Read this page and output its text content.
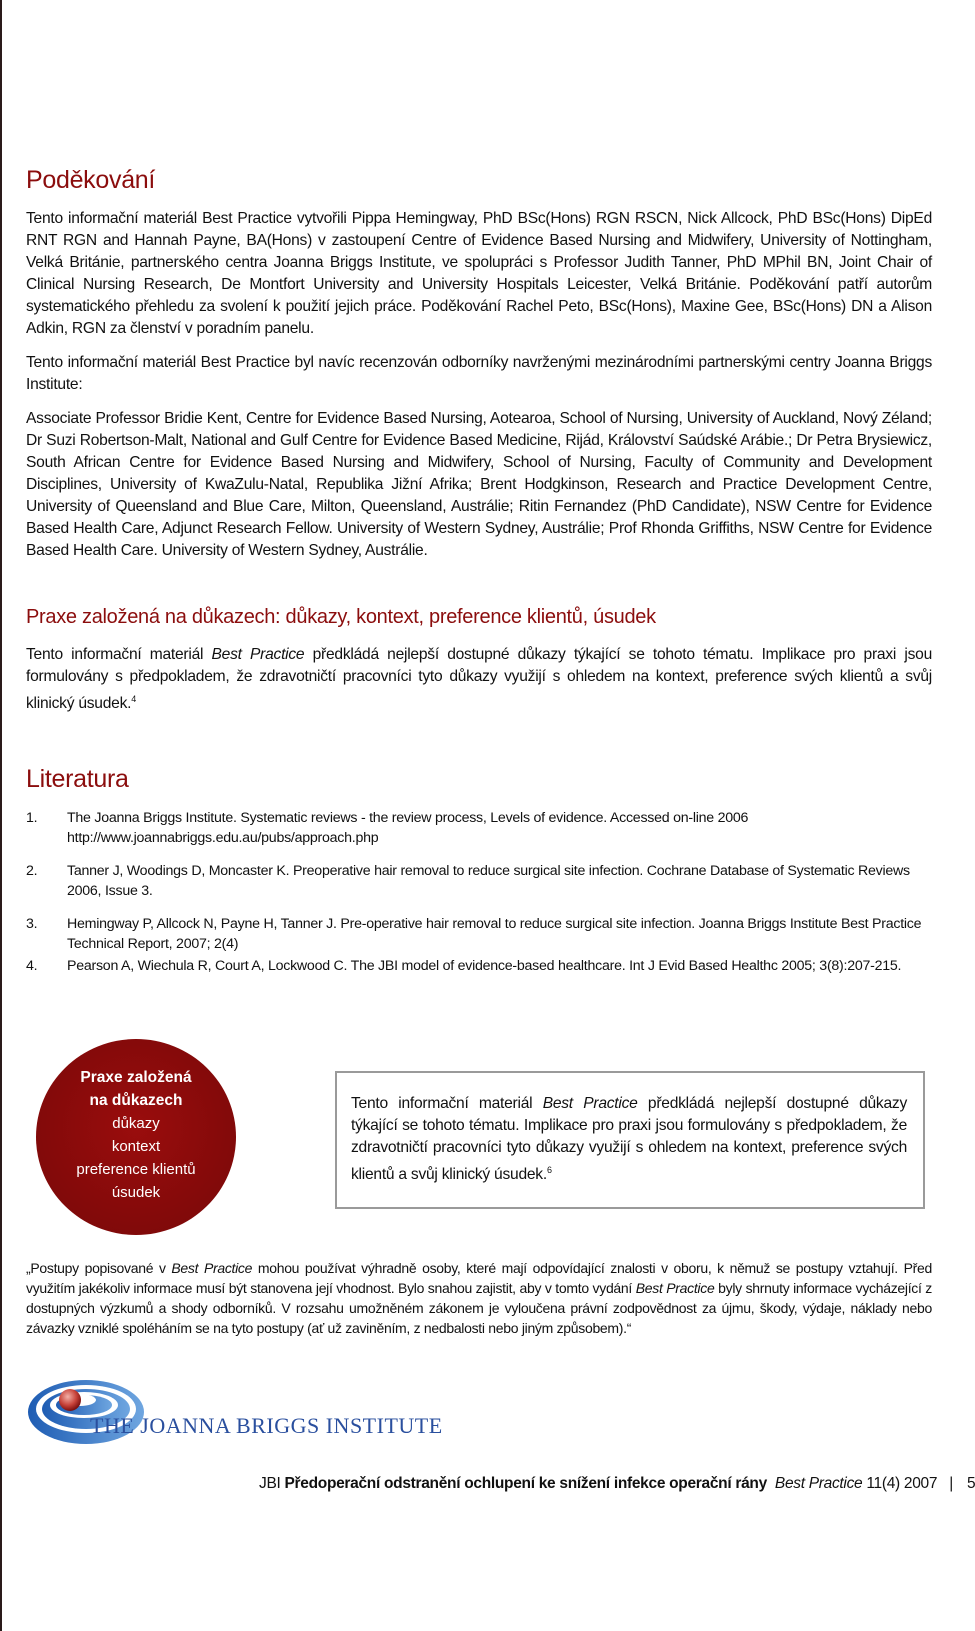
Poděkování

Tento informační materiál Best Practice vytvořili Pippa Hemingway, PhD BSc(Hons) RGN RSCN, Nick Allcock, PhD BSc(Hons) DipEd RNT RGN and Hannah Payne, BA(Hons) v zastoupení Centre of Evidence Based Nursing and Midwifery, University of Nottingham, Velká Británie, partnerského centra Joanna Briggs Institute, ve spolupráci s Professor Judith Tanner, PhD MPhil BN, Joint Chair of Clinical Nursing Research, De Montfort University and University Hospitals Leicester, Velká Británie. Poděkování patří autorům systematického přehledu za svolení k použití jejich práce. Poděkování Rachel Peto, BSc(Hons), Maxine Gee, BSc(Hons) DN a Alison Adkin, RGN za členství v poradním panelu.

Tento informační materiál Best Practice byl navíc recenzován odborníky navrženými mezinárodními partnerskými centry Joanna Briggs Institute:

Associate Professor Bridie Kent, Centre for Evidence Based Nursing, Aotearoa, School of Nursing, University of Auckland, Nový Zéland; Dr Suzi Robertson-Malt, National and Gulf Centre for Evidence Based Medicine, Rijád, Království Saúdské Arábie.; Dr Petra Brysiewicz, South African Centre for Evidence Based Nursing and Midwifery, School of Nursing, Faculty of Community and Development Disciplines, University of KwaZulu-Natal, Republika Jižní Afrika; Brent Hodgkinson, Research and Practice Development Centre, University of Queensland and Blue Care, Milton, Queensland, Austrálie; Ritin Fernandez (PhD Candidate), NSW Centre for Evidence Based Health Care, Adjunct Research Fellow. University of Western Sydney, Austrálie; Prof Rhonda Griffiths, NSW Centre for Evidence Based Health Care. University of Western Sydney, Austrálie.

Praxe založená na důkazech: důkazy, kontext, preference klientů, úsudek

Tento informační materiál Best Practice předkládá nejlepší dostupné důkazy týkající se tohoto tématu. Implikace pro praxi jsou formulovány s předpokladem, že zdravotničtí pracovníci tyto důkazy využijí s ohledem na kontext, preference svých klientů a svůj klinický úsudek.$^4$

Literatura
1. The Joanna Briggs Institute. Systematic reviews - the review process, Levels of evidence. Accessed on-line 2006 http://www.joannabriggs.edu.au/pubs/approach.php
2. Tanner J, Woodings D, Moncaster K. Preoperative hair removal to reduce surgical site infection. Cochrane Database of Systematic Reviews 2006, Issue 3.
3. Hemingway P, Allcock N, Payne H, Tanner J. Pre-operative hair removal to reduce surgical site infection. Joanna Briggs Institute Best Practice Technical Report, 2007; 2(4)
4. Pearson A, Wiechula R, Court A, Lockwood C. The JBI model of evidence-based healthcare. Int J Evid Based Healthc 2005; 3(8):207-215.
Praxe založená
na důkazech
důkazy
kontext
preference klientů
úsudek

Tento informační materiál Best Practice předkládá nejlepší dostupné důkazy týkající se tohoto tématu. Implikace pro praxi jsou formulovány s předpokladem, že zdravotničtí pracovníci tyto důkazy využijí s ohledem na kontext, preference svých klientů a svůj klinický úsudek.$^6$

„Postupy popisované v Best Practice mohou používat výhradně osoby, které mají odpovídající znalosti v oboru, k němuž se postupy vztahují. Před využitím jakékoliv informace musí být stanovena její vhodnost. Bylo snahou zajistit, aby v tomto vydání Best Practice byly shrnuty informace vycházející z dostupných výzkumů a shody odborníků. V rozsahu umožněném zákonem je vyloučena právní zodpovědnost za újmu, škody, výdaje, náklady nebo závazky vzniklé spoléháním se na tyto postupy (ať už zaviněním, z nedbalosti nebo jiným způsobem).“

THE JOANNA BRIGGS INSTITUTE
JBI Předoperační odstranění ochlupení ke snížení infekce operační rány Best Practice 11(4) 2007 | 5
